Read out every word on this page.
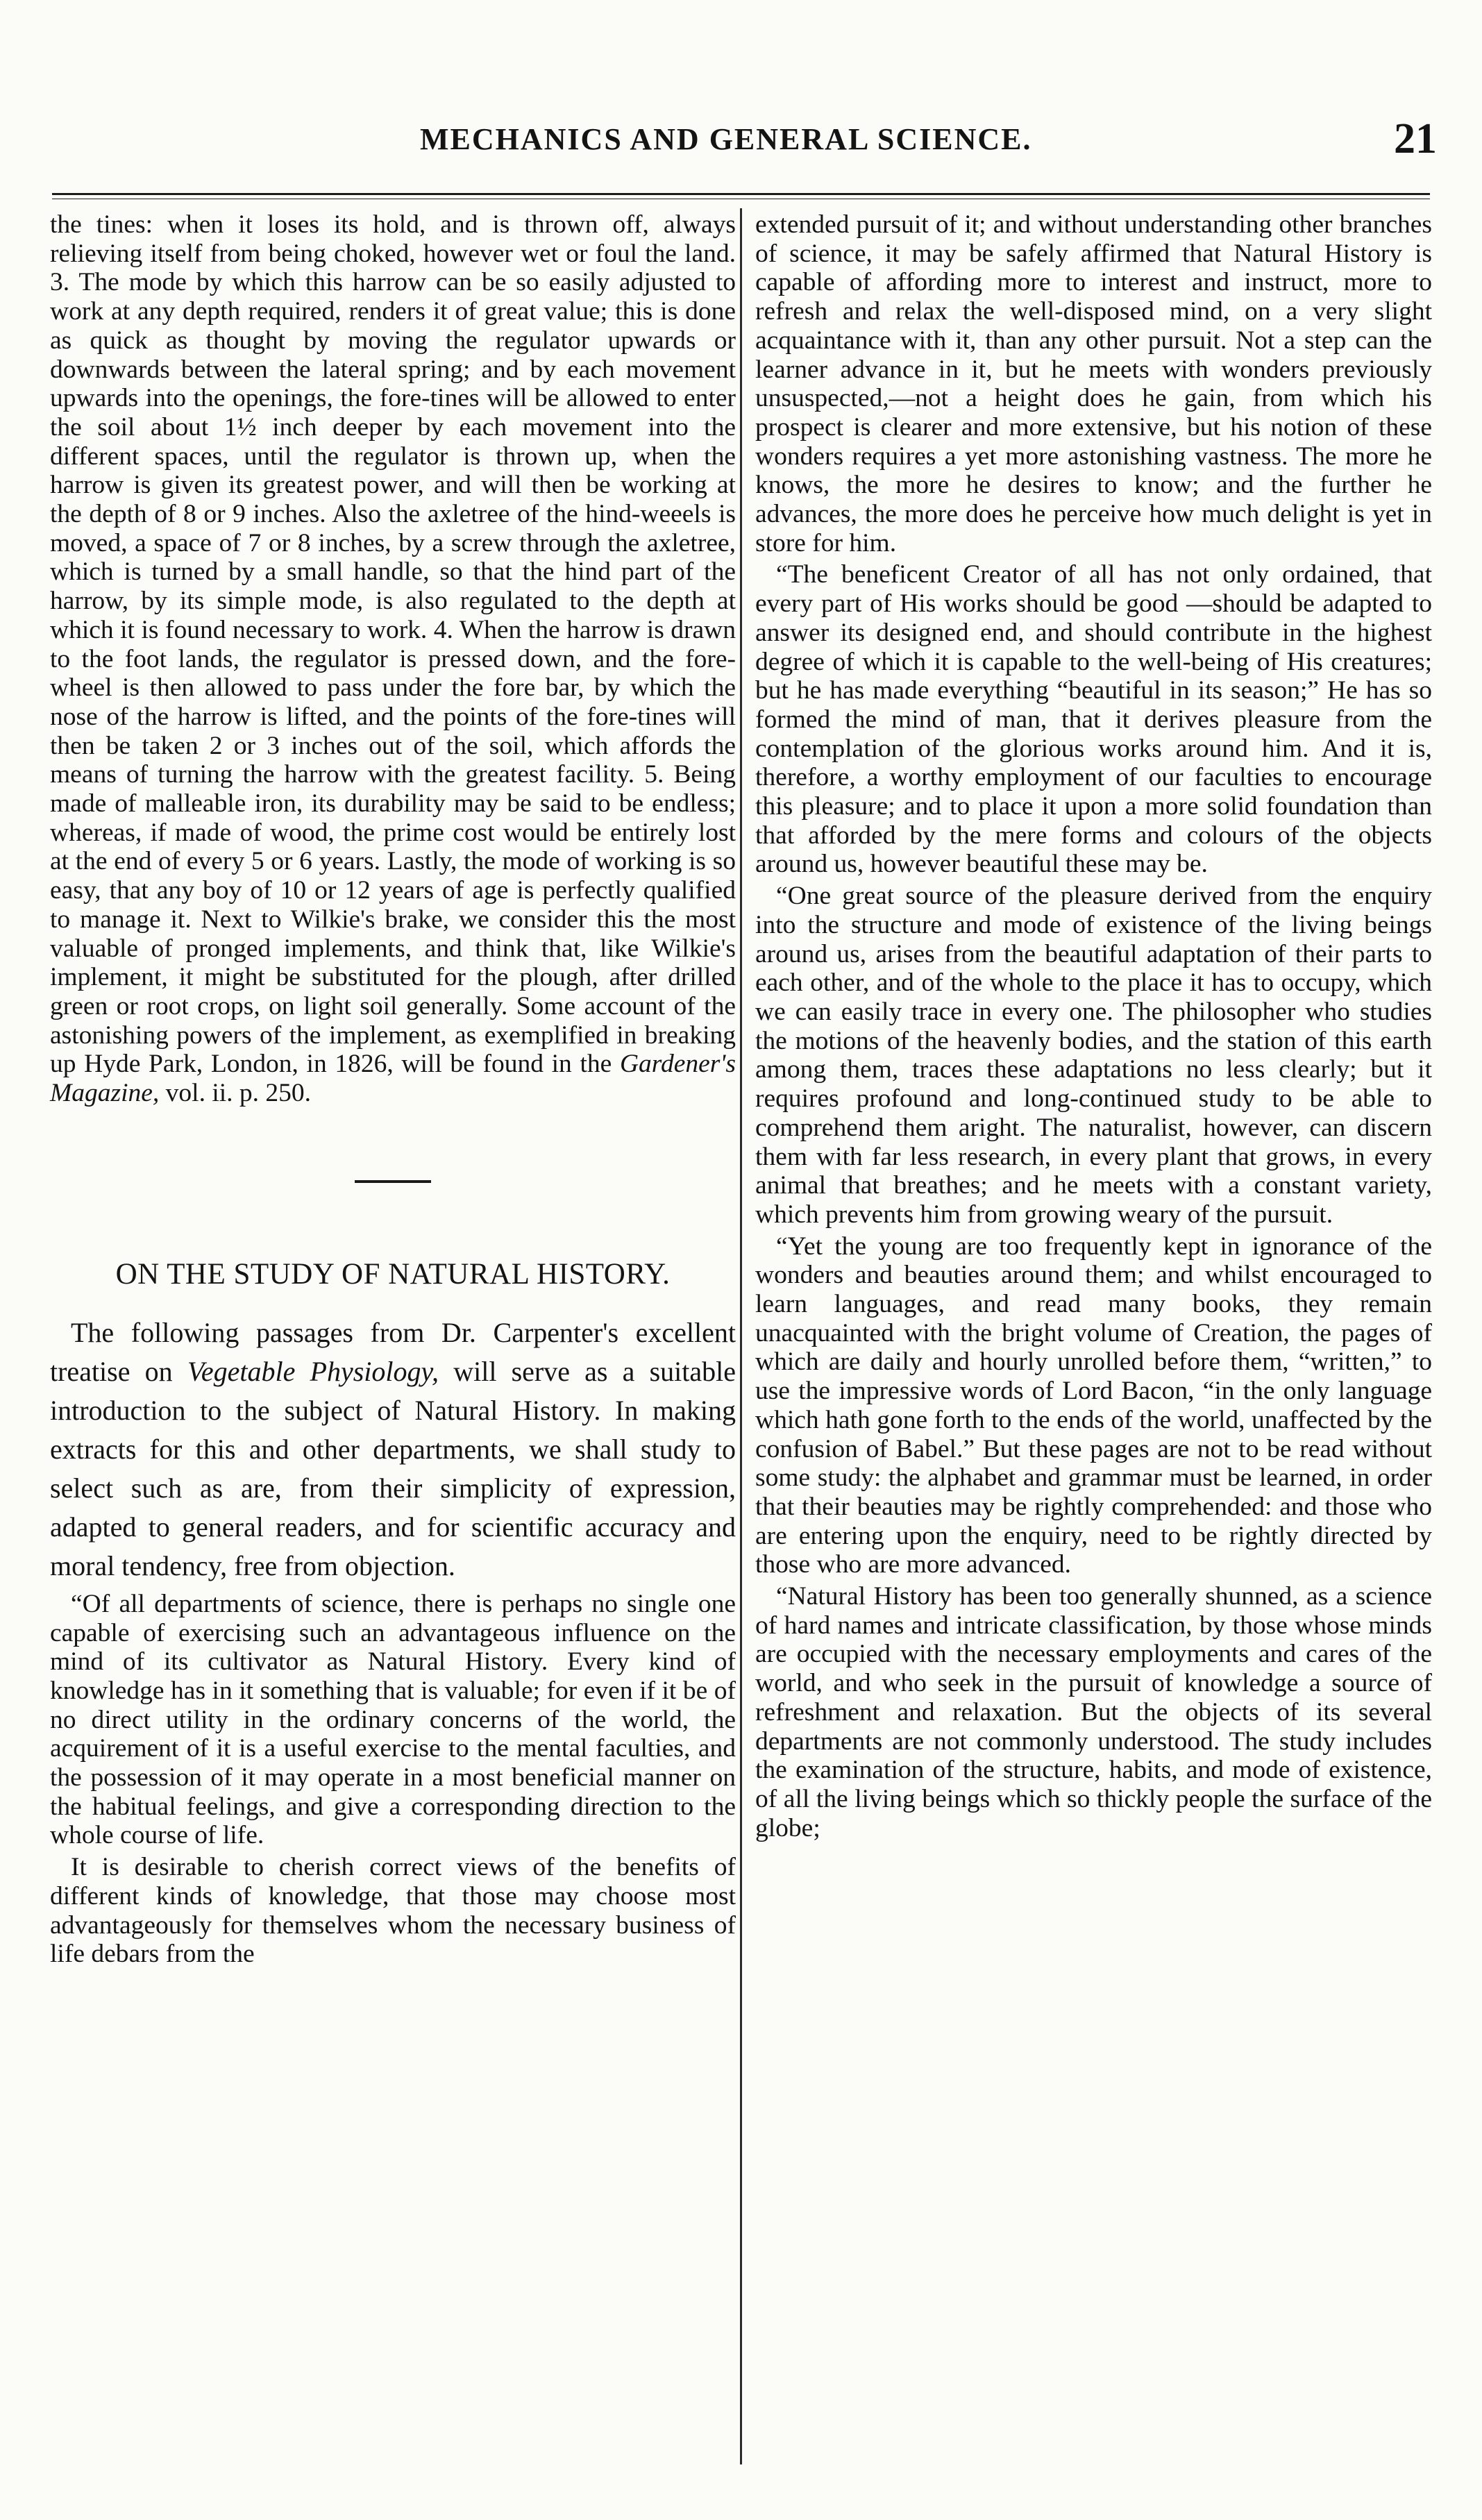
MECHANICS AND GENERAL SCIENCE.	21

the tines: when it loses its hold, and is thrown off, always relieving itself from being choked, however wet or foul the land. 3. The mode by which this harrow can be so easily adjusted to work at any depth required, renders it of great value; this is done as quick as thought by moving the regulator upwards or downwards between the lateral spring; and by each movement upwards into the openings, the fore-tines will be allowed to enter the soil about 1½ inch deeper by each movement into the different spaces, until the regulator is thrown up, when the harrow is given its greatest power, and will then be working at the depth of 8 or 9 inches. Also the axletree of the hind-weeels is moved, a space of 7 or 8 inches, by a screw through the axletree, which is turned by a small handle, so that the hind part of the harrow, by its simple mode, is also regulated to the depth at which it is found necessary to work. 4. When the harrow is drawn to the foot lands, the regulator is pressed down, and the fore-wheel is then allowed to pass under the fore bar, by which the nose of the harrow is lifted, and the points of the fore-tines will then be taken 2 or 3 inches out of the soil, which affords the means of turning the harrow with the greatest facility. 5. Being made of malleable iron, its durability may be said to be endless; whereas, if made of wood, the prime cost would be entirely lost at the end of every 5 or 6 years. Lastly, the mode of working is so easy, that any boy of 10 or 12 years of age is perfectly qualified to manage it. Next to Wilkie's brake, we consider this the most valuable of pronged implements, and think that, like Wilkie's implement, it might be substituted for the plough, after drilled green or root crops, on light soil generally. Some account of the astonishing powers of the implement, as exemplified in breaking up Hyde Park, London, in 1826, will be found in the Gardener's Magazine, vol. ii. p. 250.

ON THE STUDY OF NATURAL HISTORY.

The following passages from Dr. Carpenter's excellent treatise on Vegetable Physiology, will serve as a suitable introduction to the subject of Natural History. In making extracts for this and other departments, we shall study to select such as are, from their simplicity of expression, adapted to general readers, and for scientific accuracy and moral tendency, free from objection.

“Of all departments of science, there is perhaps no single one capable of exercising such an advantageous influence on the mind of its cultivator as Natural History. Every kind of knowledge has in it something that is valuable; for even if it be of no direct utility in the ordinary concerns of the world, the acquirement of it is a useful exercise to the mental faculties, and the possession of it may operate in a most beneficial manner on the habitual feelings, and give a corresponding direction to the whole course of life.

It is desirable to cherish correct views of the benefits of different kinds of knowledge, that those may choose most advantageously for themselves whom the necessary business of life debars from the

extended pursuit of it; and without understanding other branches of science, it may be safely affirmed that Natural History is capable of affording more to interest and instruct, more to refresh and relax the well-disposed mind, on a very slight acquaintance with it, than any other pursuit. Not a step can the learner advance in it, but he meets with wonders previously unsuspected,—not a height does he gain, from which his prospect is clearer and more extensive, but his notion of these wonders requires a yet more astonishing vastness. The more he knows, the more he desires to know; and the further he advances, the more does he perceive how much delight is yet in store for him.

“The beneficent Creator of all has not only ordained, that every part of His works should be good —should be adapted to answer its designed end, and should contribute in the highest degree of which it is capable to the well-being of His creatures; but he has made everything “beautiful in its season;” He has so formed the mind of man, that it derives pleasure from the contemplation of the glorious works around him. And it is, therefore, a worthy employment of our faculties to encourage this pleasure; and to place it upon a more solid foundation than that afforded by the mere forms and colours of the objects around us, however beautiful these may be.

“One great source of the pleasure derived from the enquiry into the structure and mode of existence of the living beings around us, arises from the beautiful adaptation of their parts to each other, and of the whole to the place it has to occupy, which we can easily trace in every one. The philosopher who studies the motions of the heavenly bodies, and the station of this earth among them, traces these adaptations no less clearly; but it requires profound and long-continued study to be able to comprehend them aright. The naturalist, however, can discern them with far less research, in every plant that grows, in every animal that breathes; and he meets with a constant variety, which prevents him from growing weary of the pursuit.

“Yet the young are too frequently kept in ignorance of the wonders and beauties around them; and whilst encouraged to learn languages, and read many books, they remain unacquainted with the bright volume of Creation, the pages of which are daily and hourly unrolled before them, “written,” to use the impressive words of Lord Bacon, “in the only language which hath gone forth to the ends of the world, unaffected by the confusion of Babel.” But these pages are not to be read without some study: the alphabet and grammar must be learned, in order that their beauties may be rightly comprehended: and those who are entering upon the enquiry, need to be rightly directed by those who are more advanced.

“Natural History has been too generally shunned, as a science of hard names and intricate classification, by those whose minds are occupied with the necessary employments and cares of the world, and who seek in the pursuit of knowledge a source of refreshment and relaxation. But the objects of its several departments are not commonly understood. The study includes the examination of the structure, habits, and mode of existence, of all the living beings which so thickly people the surface of the globe;
